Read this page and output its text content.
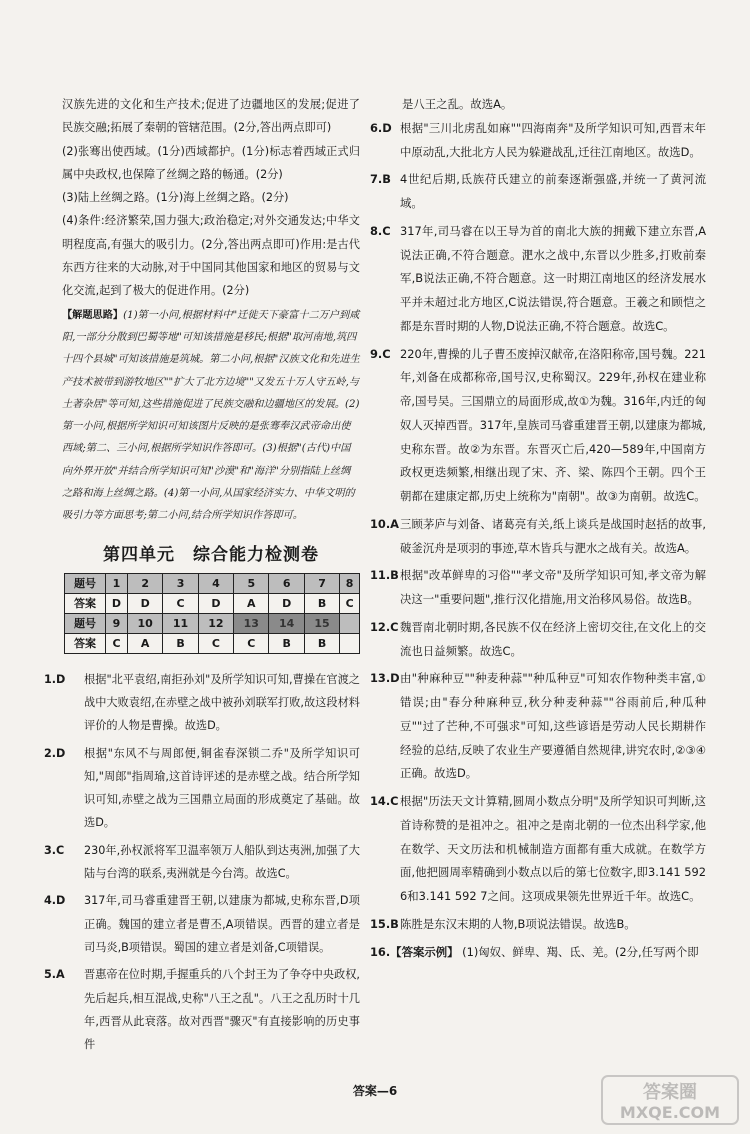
汉族先进的文化和生产技术;促进了边疆地区的发展;促进了民族交融;拓展了秦朝的管辖范围。(2分,答出两点即可)

(2)张骞出使西域。(1分)西域都护。(1分)标志着西域正式归属中央政权,也保障了丝绸之路的畅通。(2分)

(3)陆上丝绸之路。(1分)海上丝绸之路。(2分)

(4)条件:经济繁荣,国力强大;政治稳定;对外交通发达;中华文明程度高,有强大的吸引力。(2分,答出两点即可)作用:是古代东西方往来的大动脉,对于中国同其他国家和地区的贸易与文化交流,起到了极大的促进作用。(2分)

【解题思路】(1)第一小问,根据材料中"迁徙天下豪富十二万户到咸阳,一部分分散到巴蜀等地"可知该措施是移民;根据"取河南地,筑四十四个县城"可知该措施是筑城。第二小问,根据"汉族文化和先进生产技术被带到游牧地区""扩大了北方边境""又发五十万人守五岭,与土著杂居"等可知,这些措施促进了民族交融和边疆地区的发展。(2)第一小问,根据所学知识可知该图片反映的是张骞奉汉武帝命出使西域;第二、三小问,根据所学知识作答即可。(3)根据"(古代)中国向外界开放"并结合所学知识可知"沙漠"和"海洋"分别指陆上丝绸之路和海上丝绸之路。(4)第一小问,从国家经济实力、中华文明的吸引力等方面思考;第二小问,结合所学知识作答即可。

第四单元　综合能力检测卷
题号	1	2	3	4	5	6	7	8
答案	D	D	C	D	A	D	B	C
题号	9	10	11	12	13	14	15	
答案	C	A	B	C	C	B	B	
1.D 根据"北平袁绍,南拒孙刘"及所学知识可知,曹操在官渡之战中大败袁绍,在赤壁之战中被孙刘联军打败,故这段材料评价的人物是曹操。故选D。

2.D 根据"东风不与周郎便,铜雀春深锁二乔"及所学知识可知,"周郎"指周瑜,这首诗评述的是赤壁之战。结合所学知识可知,赤壁之战为三国鼎立局面的形成奠定了基础。故选D。

3.C 230年,孙权派将军卫温率领万人船队到达夷洲,加强了大陆与台湾的联系,夷洲就是今台湾。故选C。

4.D 317年,司马睿重建晋王朝,以建康为都城,史称东晋,D项正确。魏国的建立者是曹丕,A项错误。西晋的建立者是司马炎,B项错误。蜀国的建立者是刘备,C项错误。

5.A 晋惠帝在位时期,手握重兵的八个封王为了争夺中央政权,先后起兵,相互混战,史称"八王之乱"。八王之乱历时十几年,西晋从此衰落。故对西晋"骤灭"有直接影响的历史事件

是八王之乱。故选A。

6.D 根据"三川北虏乱如麻""四海南奔"及所学知识可知,西晋末年中原动乱,大批北方人民为躲避战乱,迁往江南地区。故选D。

7.B 4世纪后期,氐族苻氏建立的前秦逐渐强盛,并统一了黄河流域。

8.C 317年,司马睿在以王导为首的南北大族的拥戴下建立东晋,A说法正确,不符合题意。淝水之战中,东晋以少胜多,打败前秦军,B说法正确,不符合题意。这一时期江南地区的经济发展水平并未超过北方地区,C说法错误,符合题意。王羲之和顾恺之都是东晋时期的人物,D说法正确,不符合题意。故选C。

9.C 220年,曹操的儿子曹丕废掉汉献帝,在洛阳称帝,国号魏。221年,刘备在成都称帝,国号汉,史称蜀汉。229年,孙权在建业称帝,国号吴。三国鼎立的局面形成,故①为魏。316年,内迁的匈奴人灭掉西晋。317年,皇族司马睿重建晋王朝,以建康为都城,史称东晋。故②为东晋。东晋灭亡后,420—589年,中国南方政权更迭频繁,相继出现了宋、齐、梁、陈四个王朝。四个王朝都在建康定都,历史上统称为"南朝"。故③为南朝。故选C。

10.A 三顾茅庐与刘备、诸葛亮有关,纸上谈兵是战国时赵括的故事,破釜沉舟是项羽的事迹,草木皆兵与淝水之战有关。故选A。

11.B 根据"改革鲜卑的习俗""孝文帝"及所学知识可知,孝文帝为解决这一"重要问题",推行汉化措施,用文治移风易俗。故选B。

12.C 魏晋南北朝时期,各民族不仅在经济上密切交往,在文化上的交流也日益频繁。故选C。

13.D 由"种麻种豆""种麦种蒜""种瓜种豆"可知农作物种类丰富,①错误;由"春分种麻种豆,秋分种麦种蒜""谷雨前后,种瓜种豆""过了芒种,不可强求"可知,这些谚语是劳动人民长期耕作经验的总结,反映了农业生产要遵循自然规律,讲究农时,②③④正确。故选D。

14.C 根据"历法天文计算精,圆周小数点分明"及所学知识可判断,这首诗称赞的是祖冲之。祖冲之是南北朝的一位杰出科学家,他在数学、天文历法和机械制造方面都有重大成就。在数学方面,他把圆周率精确到小数点以后的第七位数字,即3.141 592 6和3.141 592 7之间。这项成果领先世界近千年。故选C。

15.B 陈胜是东汉末期的人物,B项说法错误。故选B。

16.【答案示例】 (1)匈奴、鲜卑、羯、氐、羌。(2分,任写两个即

答案—6	答案圈
MXQE.COM
